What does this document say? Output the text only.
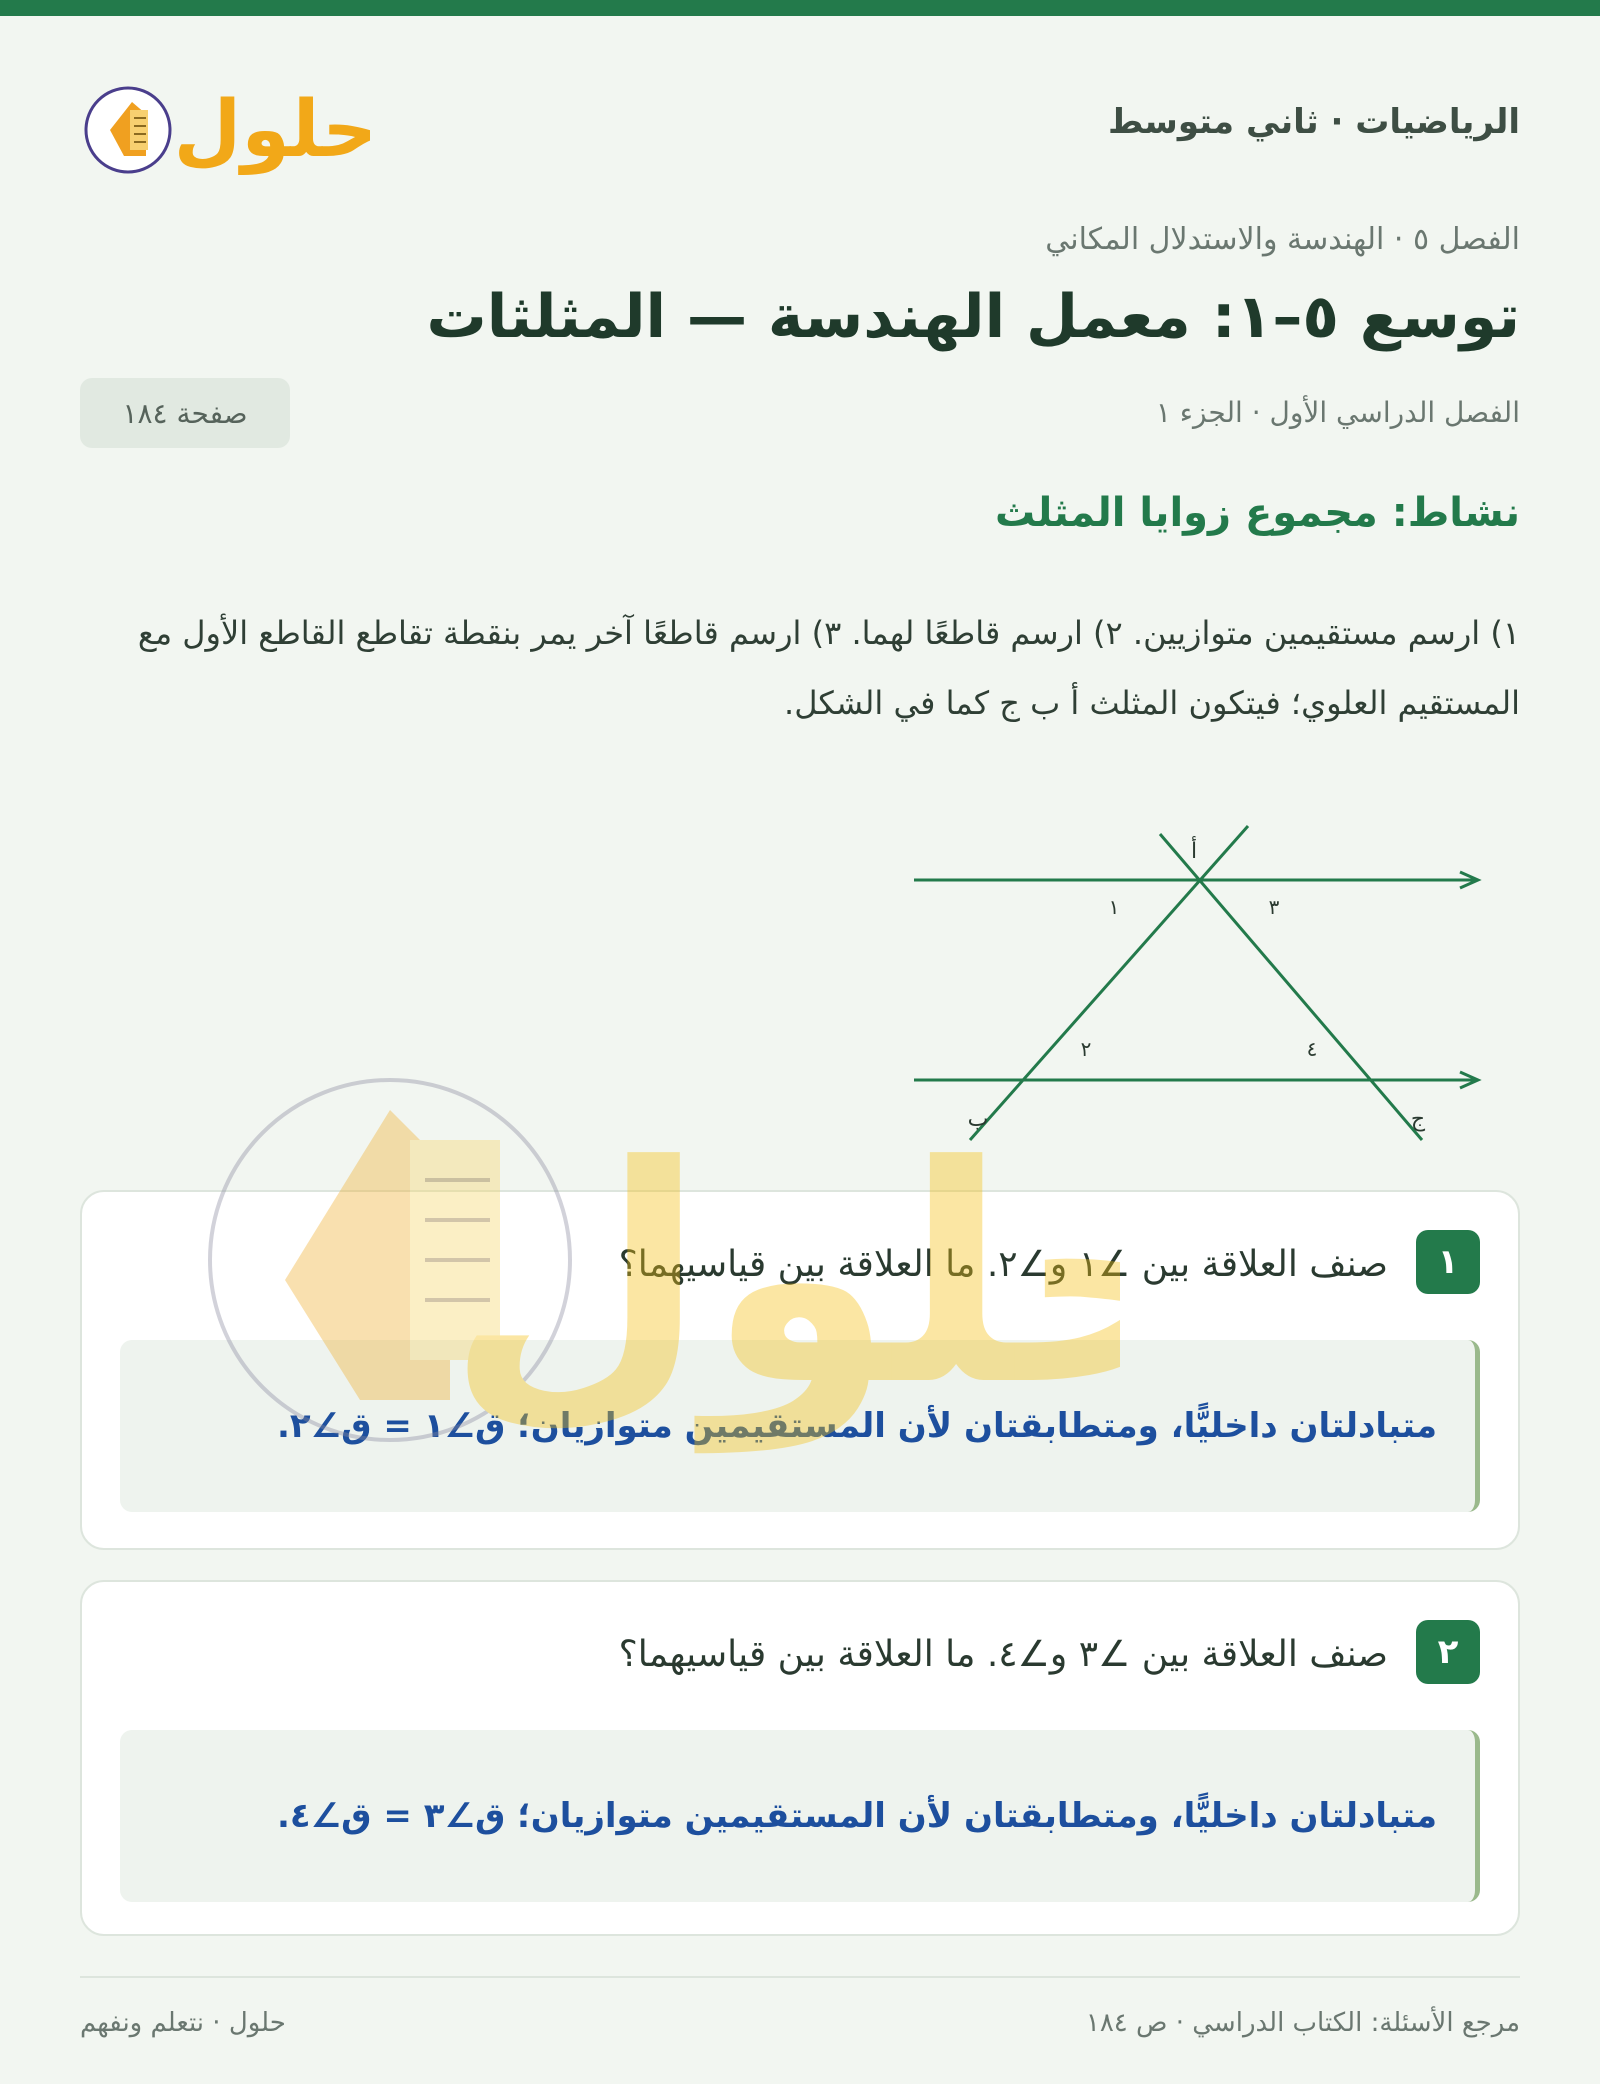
الرياضيات · ثاني متوسط
حلول
الفصل ٥ · الهندسة والاستدلال المكاني
توسع ٥–١: معمل الهندسة — المثلثات
الفصل الدراسي الأول · الجزء ١
صفحة ١٨٤
نشاط: مجموع زوايا المثلث
١) ارسم مستقيمين متوازيين. ٢) ارسم قاطعًا لهما. ٣) ارسم قاطعًا آخر يمر بنقطة تقاطع القاطع الأول مع المستقيم العلوي؛ فيتكون المثلث أ ب ج كما في الشكل.
أ
ب	ج
١	٣
٢	٤
١
صنف العلاقة بين ∠١ و∠٢. ما العلاقة بين قياسيهما؟
متبادلتان داخليًّا، ومتطابقتان لأن المستقيمين متوازيان؛ ق∠١ = ق∠٢.
٢
صنف العلاقة بين ∠٣ و∠٤. ما العلاقة بين قياسيهما؟
متبادلتان داخليًّا، ومتطابقتان لأن المستقيمين متوازيان؛ ق∠٣ = ق∠٤.
لول
مرجع الأسئلة: الكتاب الدراسي · ص ١٨٤
حلول · نتعلم ونفهم
